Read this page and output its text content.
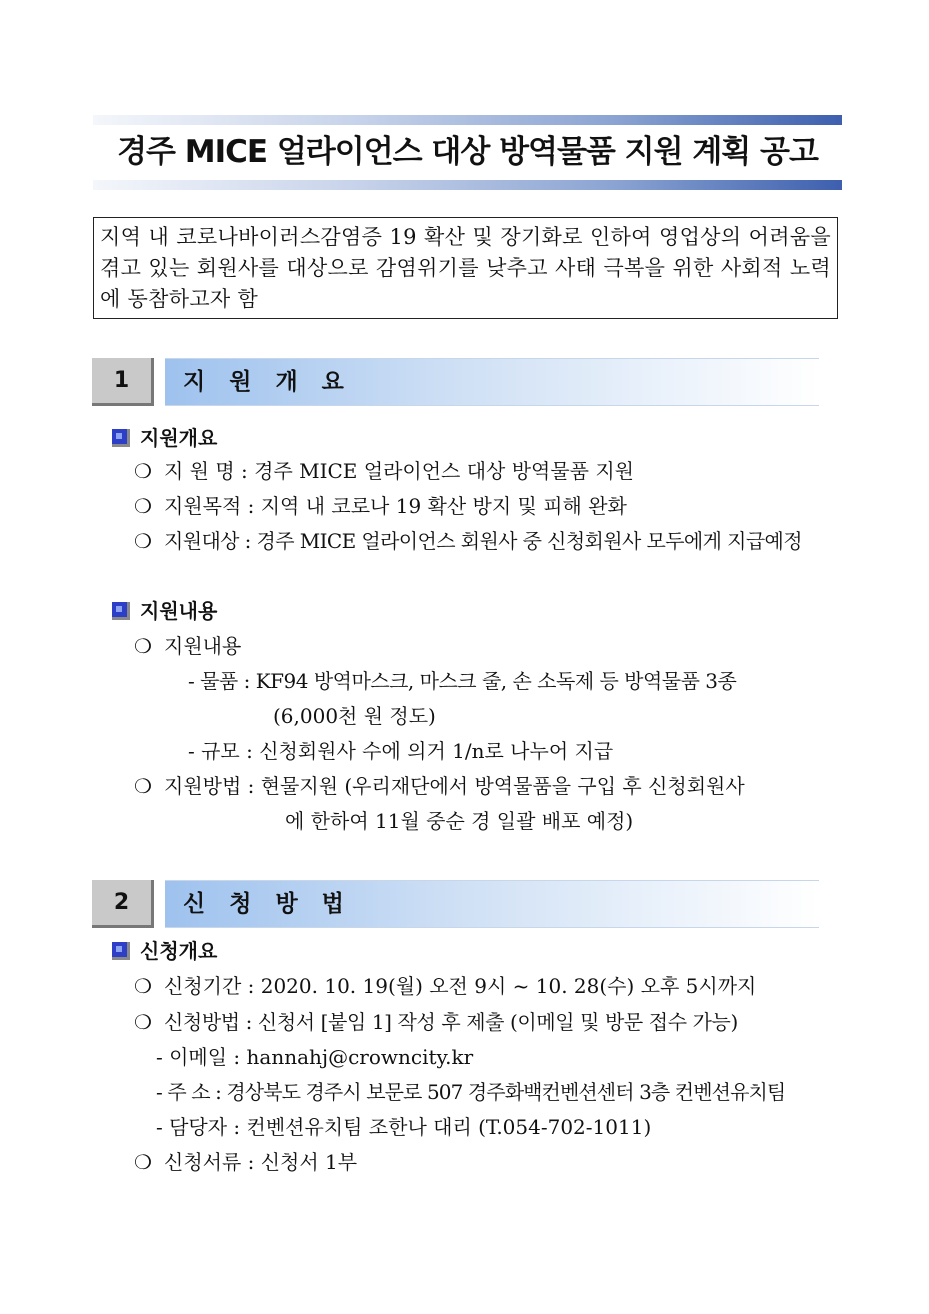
경주 MICE 얼라이언스 대상 방역물품 지원 계획 공고
지역 내 코로나바이러스감염증 19 확산 및 장기화로 인하여 영업상의 어려움을 겪고 있는 회원사를 대상으로 감염위기를 낮추고 사태 극복을 위한 사회적 노력에 동참하고자 함
1	지 원 개 요
지원개요
❍ 지 원 명 : 경주 MICE 얼라이언스 대상 방역물품 지원
❍ 지원목적 : 지역 내 코로나 19 확산 방지 및 피해 완화
❍ 지원대상 : 경주 MICE 얼라이언스 회원사 중 신청회원사 모두에게 지급예정
지원내용
❍ 지원내용
- 물품 : KF94 방역마스크, 마스크 줄, 손 소독제 등 방역물품 3종
(6,000천 원 정도)
- 규모 : 신청회원사 수에 의거 1/n로 나누어 지급
❍ 지원방법 : 현물지원 (우리재단에서 방역물품을 구입 후 신청회원사
에 한하여 11월 중순 경 일괄 배포 예정)
2	신 청 방 법
신청개요
❍ 신청기간 : 2020. 10. 19(월) 오전 9시 ~ 10. 28(수) 오후 5시까지
❍ 신청방법 : 신청서 [붙임 1] 작성 후 제출 (이메일 및 방문 접수 가능)
- 이메일 : hannahj@crowncity.kr
- 주 소 : 경상북도 경주시 보문로 507 경주화백컨벤션센터 3층 컨벤션유치팀
- 담당자 : 컨벤션유치팀 조한나 대리 (T.054-702-1011)
❍ 신청서류 : 신청서 1부
